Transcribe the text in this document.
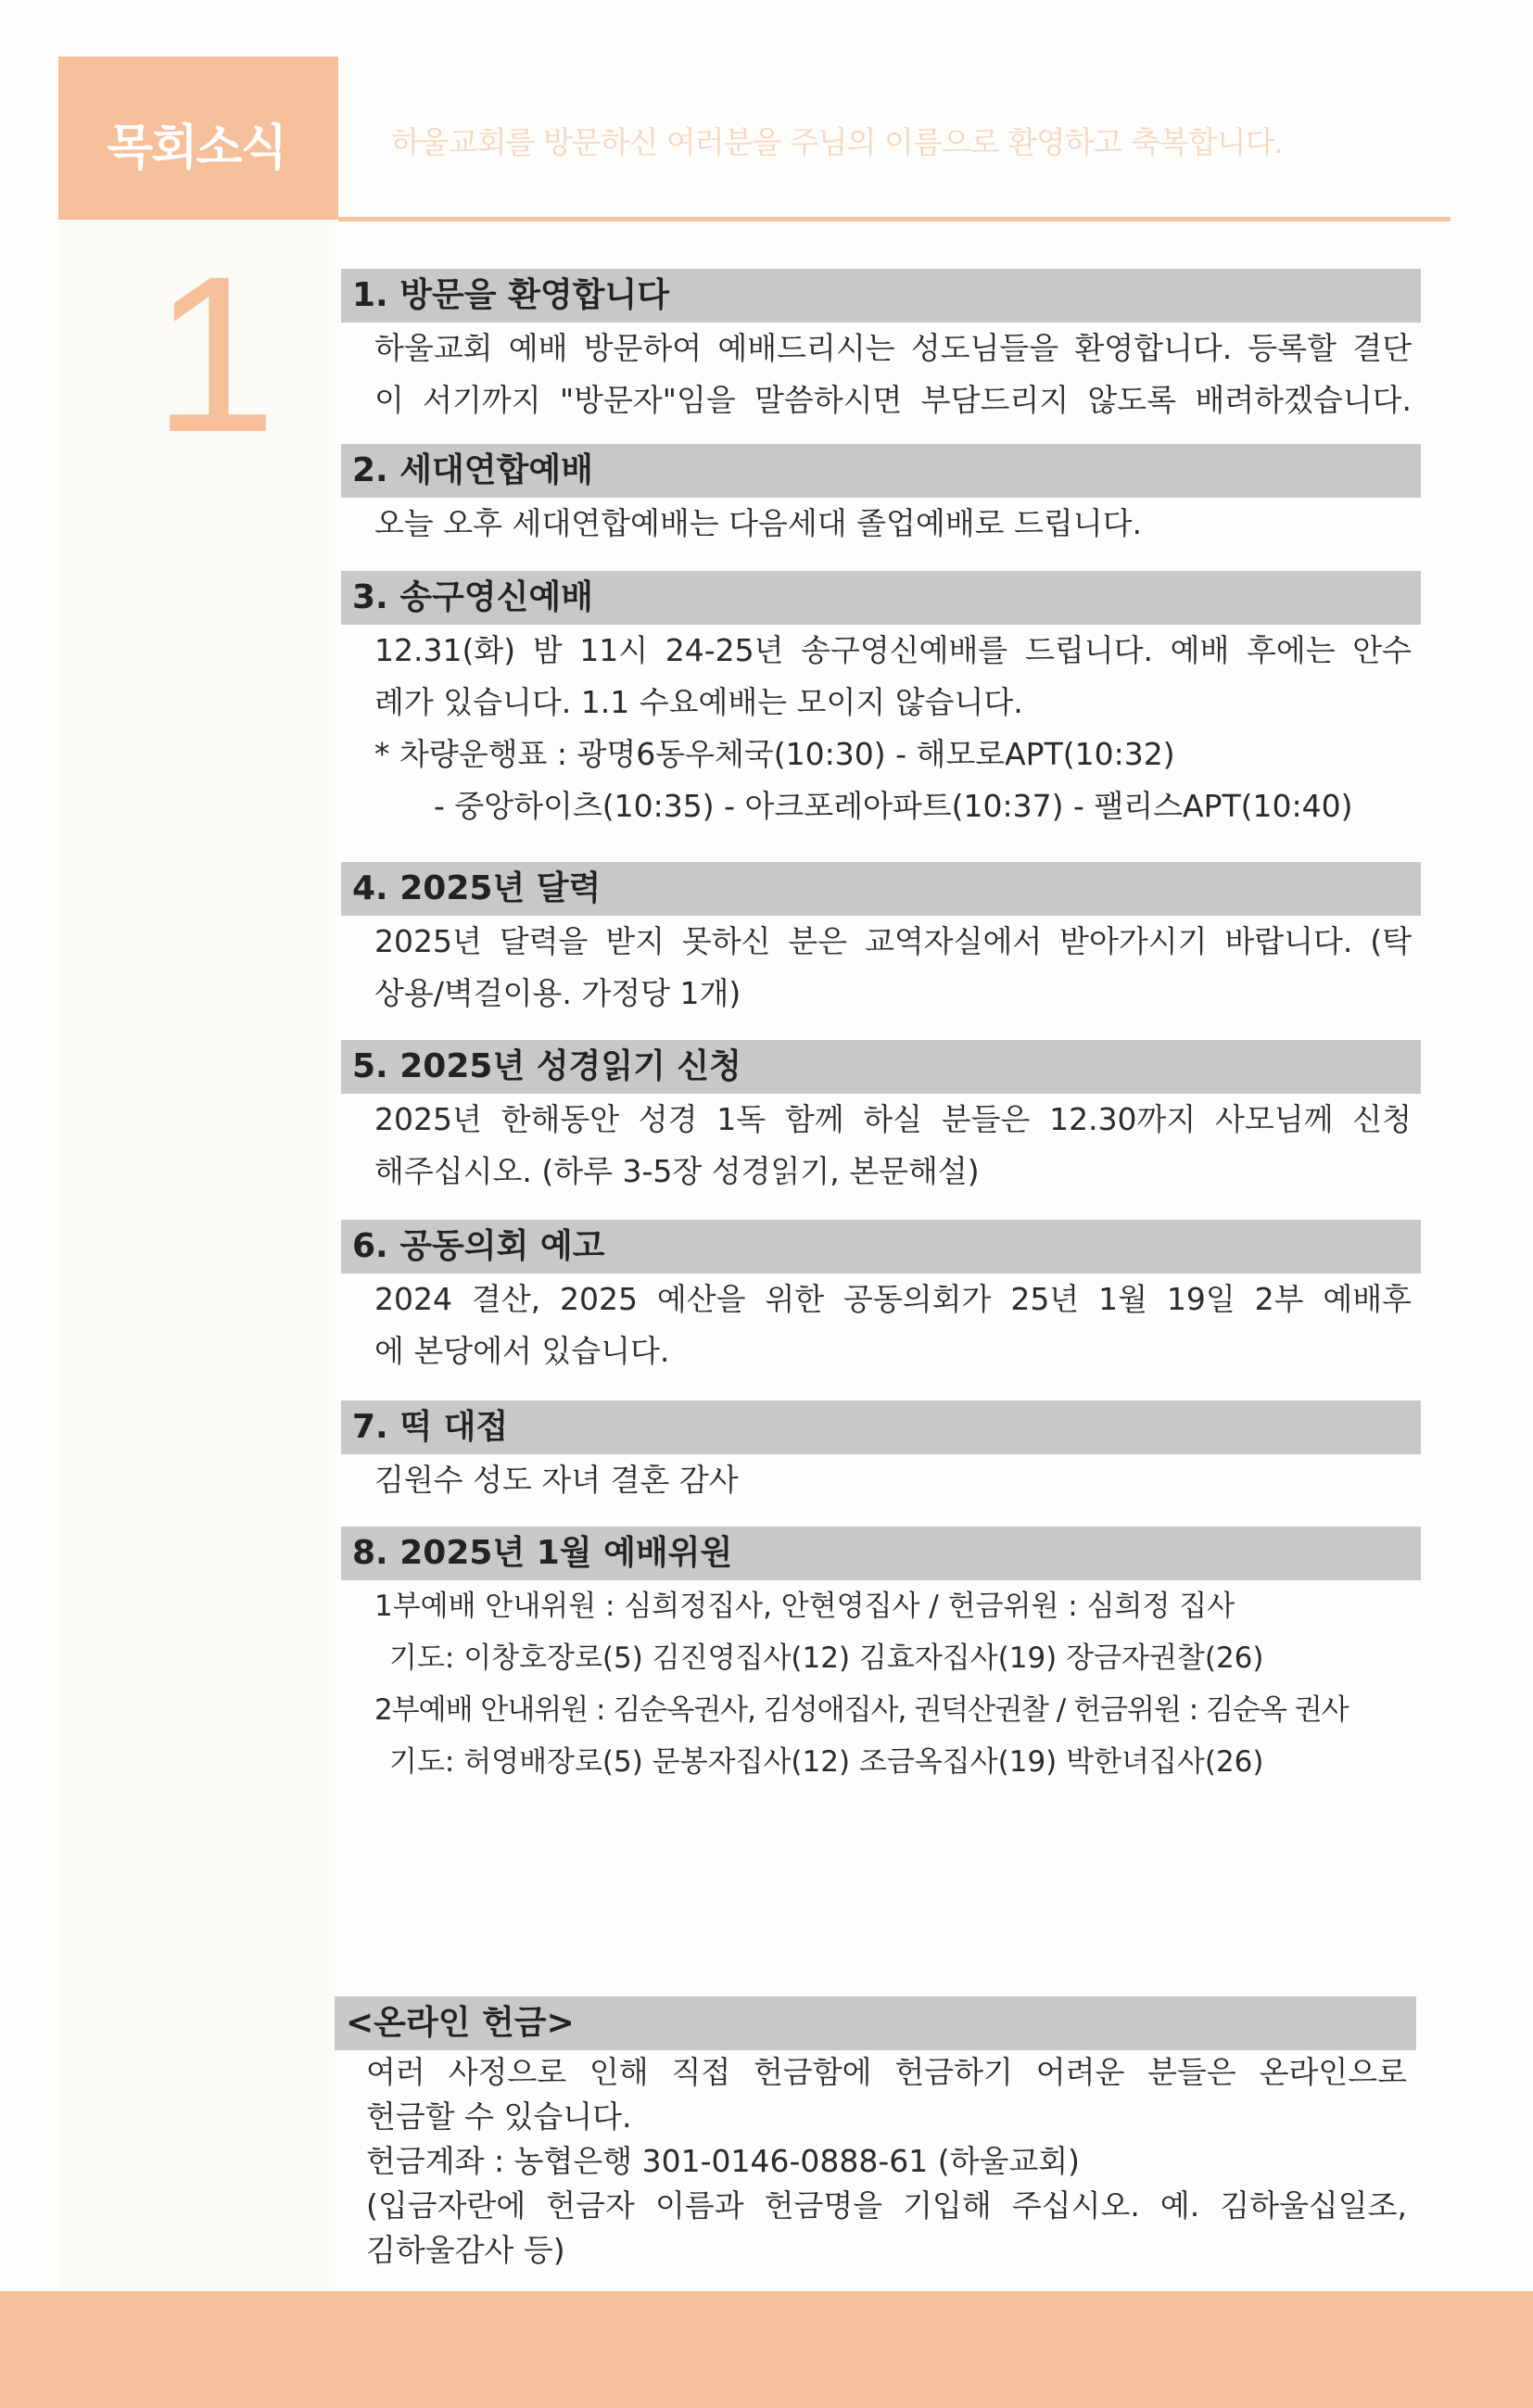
목회소식	하울교회를 방문하신 여러분을 주님의 이름으로 환영하고 축복합니다.
1	1. 방문을 환영합니다
하울교회 예배 방문하여 예배드리시는 성도님들을 환영합니다. 등록할 결단
이 서기까지 "방문자"임을 말씀하시면 부담드리지 않도록 배려하겠습니다.
2. 세대연합예배
오늘 오후 세대연합예배는 다음세대 졸업예배로 드립니다.
3. 송구영신예배
12.31(화) 밤 11시 24-25년 송구영신예배를 드립니다. 예배 후에는 안수
례가 있습니다. 1.1 수요예배는 모이지 않습니다.
* 차량운행표 : 광명6동우체국(10:30) - 해모로APT(10:32)
- 중앙하이츠(10:35) - 아크포레아파트(10:37) - 팰리스APT(10:40)
4. 2025년 달력
2025년 달력을 받지 못하신 분은 교역자실에서 받아가시기 바랍니다. (탁
상용/벽걸이용. 가정당 1개)
5. 2025년 성경읽기 신청
2025년 한해동안 성경 1독 함께 하실 분들은 12.30까지 사모님께 신청
해주십시오. (하루 3-5장 성경읽기, 본문해설)
6. 공동의회 예고
2024 결산, 2025 예산을 위한 공동의회가 25년 1월 19일 2부 예배후
에 본당에서 있습니다.
7. 떡 대접
김원수 성도 자녀 결혼 감사
8. 2025년 1월 예배위원
1부예배 안내위원 : 심희정집사, 안현영집사 / 헌금위원 : 심희정 집사
기도: 이창호장로(5) 김진영집사(12) 김효자집사(19) 장금자권찰(26)
2부예배 안내위원 : 김순옥권사, 김성애집사, 권덕산권찰 / 헌금위원 : 김순옥 권사
기도: 허영배장로(5) 문봉자집사(12) 조금옥집사(19) 박한녀집사(26)
<온라인 헌금>
여러 사정으로 인해 직접 헌금함에 헌금하기 어려운 분들은 온라인으로
헌금할 수 있습니다.
헌금계좌 : 농협은행 301-0146-0888-61 (하울교회)
(입금자란에 헌금자 이름과 헌금명을 기입해 주십시오. 예. 김하울십일조,
김하울감사 등)
